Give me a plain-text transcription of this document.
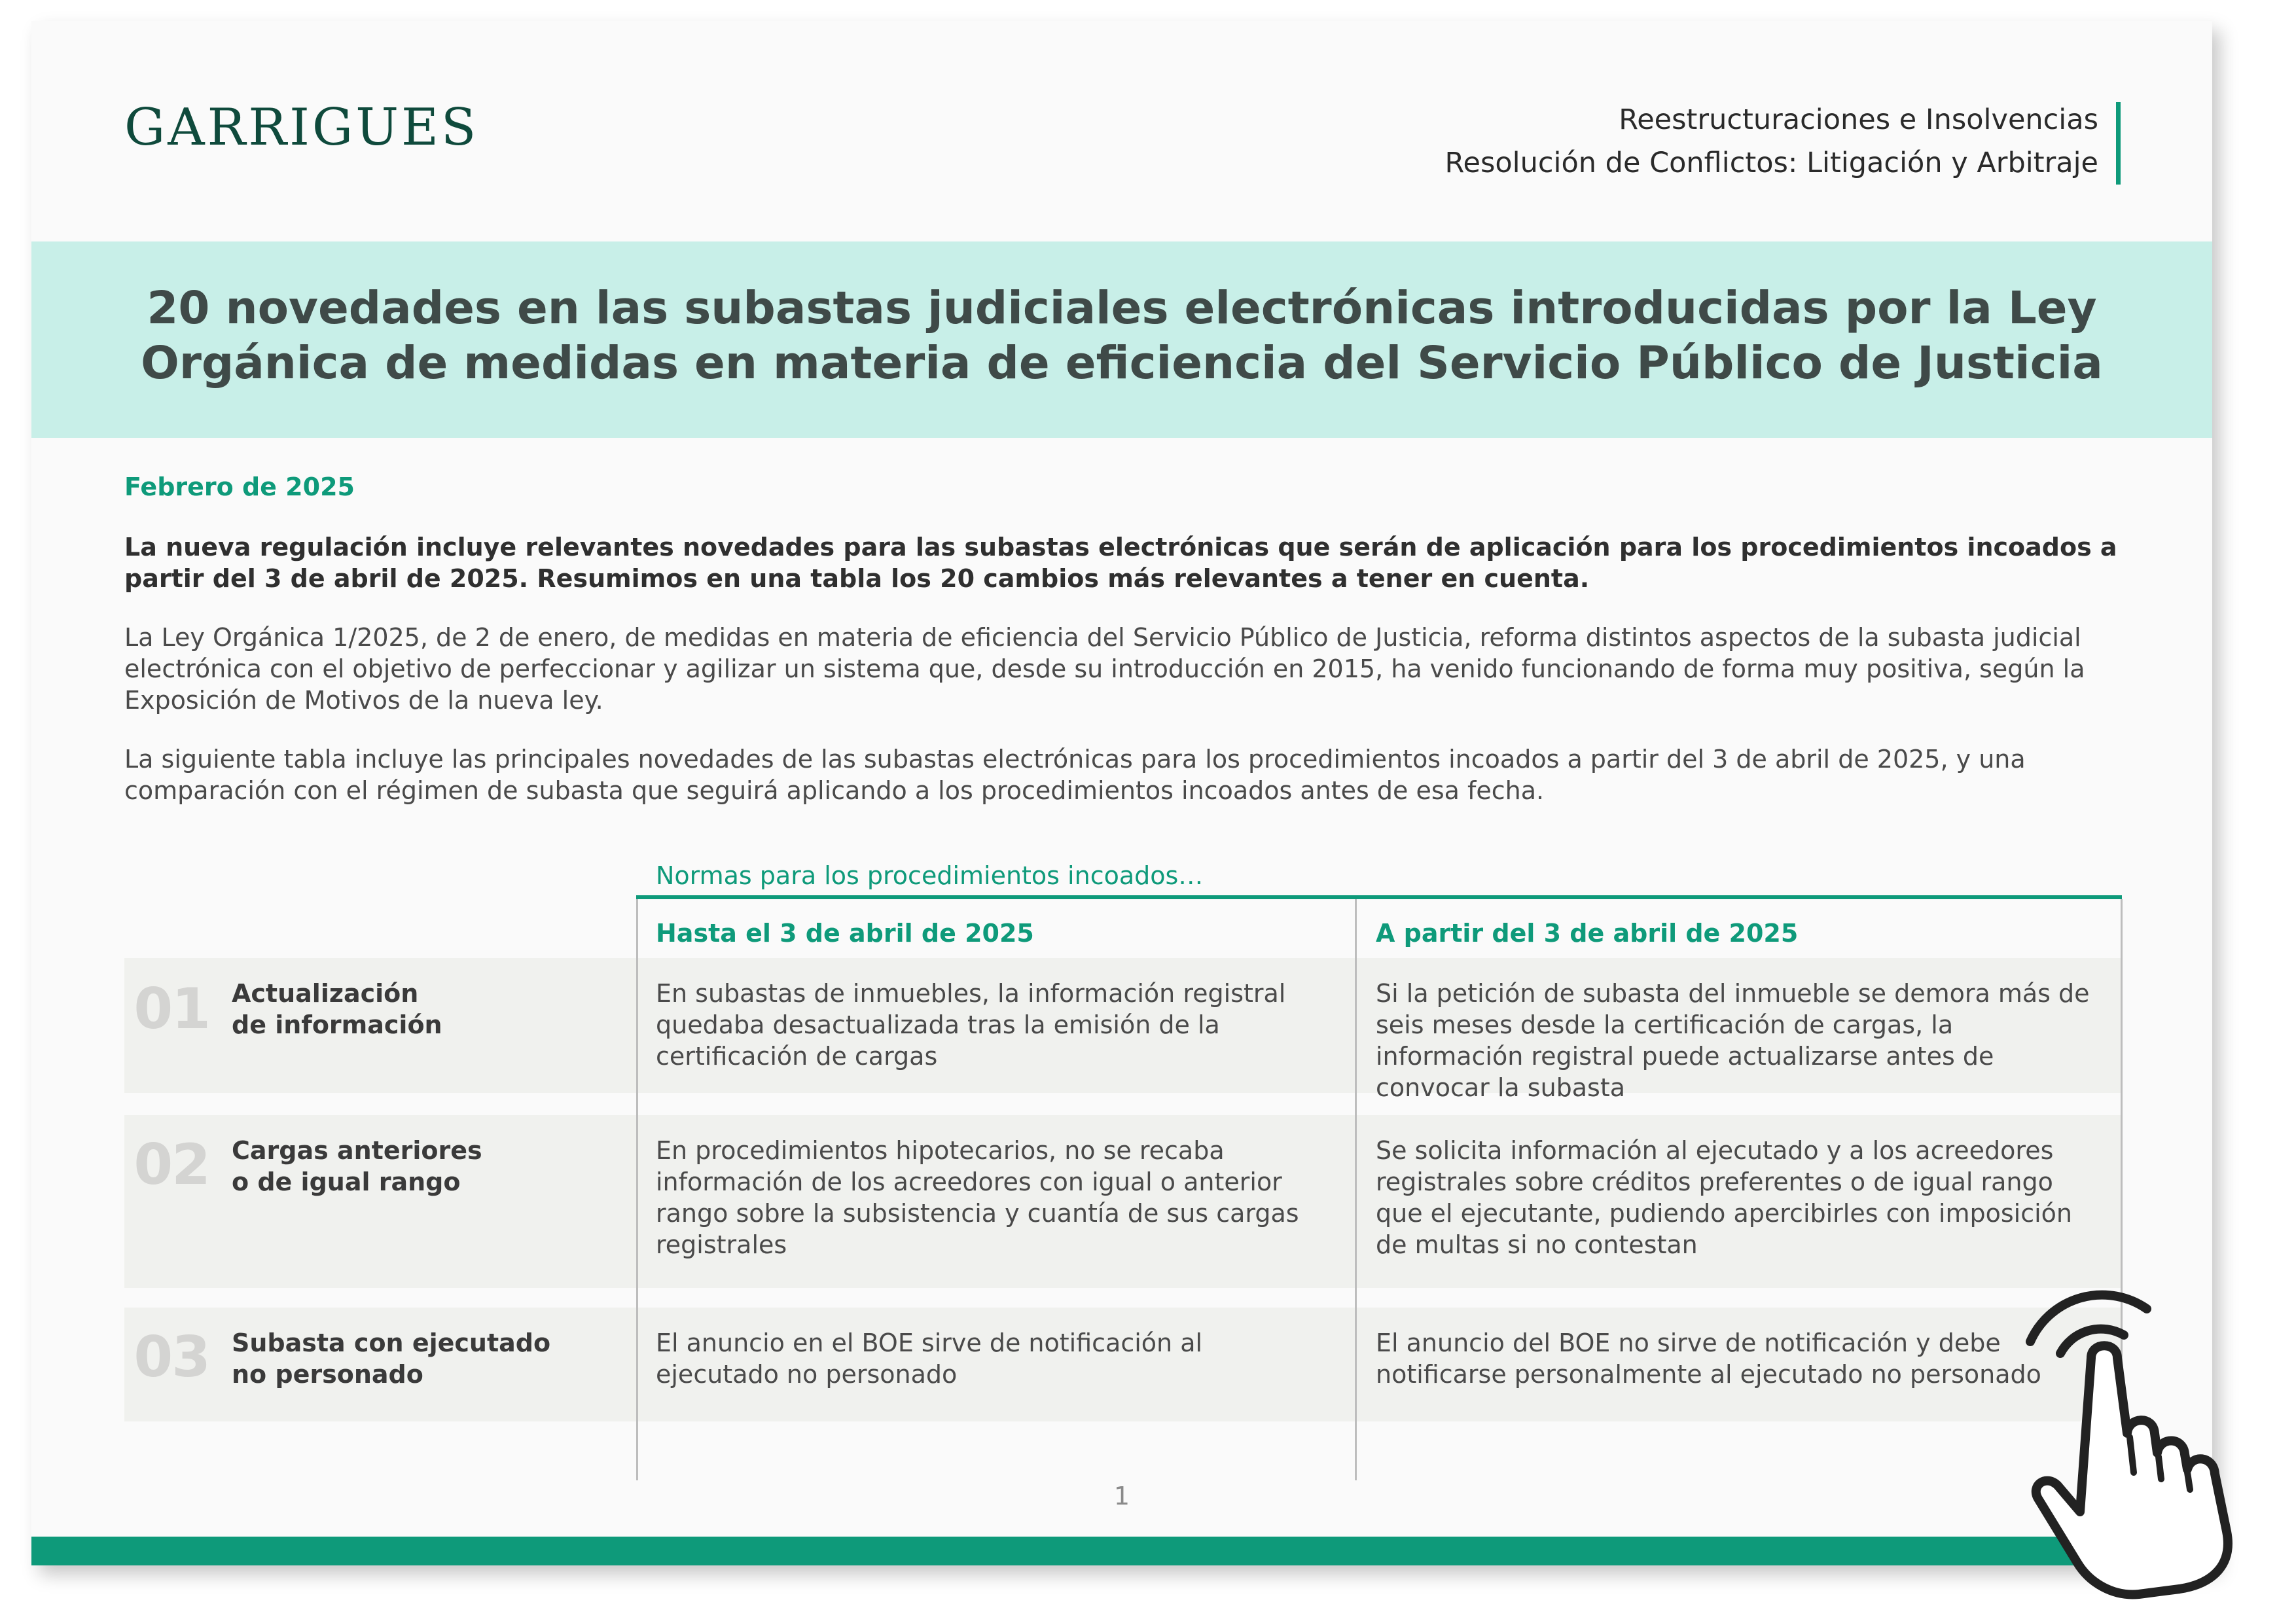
GARRIGUES	Reestructuraciones e Insolvencias
Resolución de Conflictos: Litigación y Arbitraje
20 novedades en las subastas judiciales electrónicas introducidas por la Ley
Orgánica de medidas en materia de eficiencia del Servicio Público de Justicia
Febrero de 2025
La nueva regulación incluye relevantes novedades para las subastas electrónicas que serán de aplicación para los procedimientos incoados a partir del 3 de abril de 2025. Resumimos en una tabla los 20 cambios más relevantes a tener en cuenta.
La Ley Orgánica 1/2025, de 2 de enero, de medidas en materia de eficiencia del Servicio Público de Justicia, reforma distintos aspectos de la subasta judicial electrónica con el objetivo de perfeccionar y agilizar un sistema que, desde su introducción en 2015, ha venido funcionando de forma muy positiva, según la Exposición de Motivos de la nueva ley.
La siguiente tabla incluye las principales novedades de las subastas electrónicas para los procedimientos incoados a partir del 3 de abril de 2025, y una comparación con el régimen de subasta que seguirá aplicando a los procedimientos incoados antes de esa fecha.
Normas para los procedimientos incoados…
01 Actualización
de información
En subastas de inmuebles, la información registral quedaba desactualizada tras la emisión de la certificación de cargas
Si la petición de subasta del inmueble se demora más de seis meses desde la certificación de cargas, la información registral puede actualizarse antes de convocar la subasta
02 Cargas anteriores
o de igual rango
En procedimientos hipotecarios, no se recaba información de los acreedores con igual o anterior rango sobre la subsistencia y cuantía de sus cargas registrales
Se solicita información al ejecutado y a los acreedores registrales sobre créditos preferentes o de igual rango que el ejecutante, pudiendo apercibirles con imposición de multas si no contestan
03 Subasta con ejecutado
no personado
El anuncio en el BOE sirve de notificación al ejecutado no personado
El anuncio del BOE no sirve de notificación y debe notificarse personalmente al ejecutado no personado
Hasta el 3 de abril de 2025	A partir del 3 de abril de 2025
1
